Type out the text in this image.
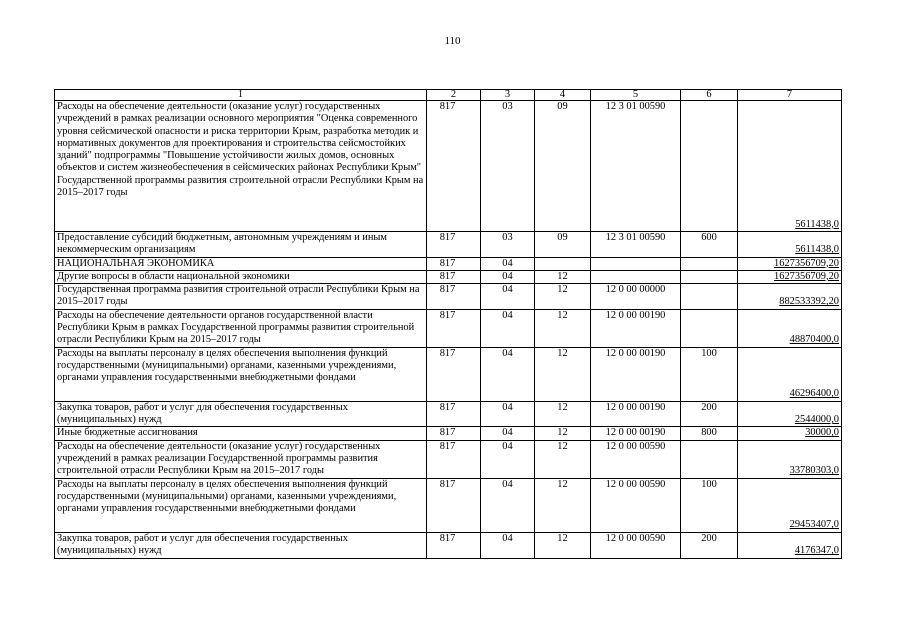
110
1	2	3	4	5	6	7
Расходы на обеспечение деятельности (оказание услуг) государственных учреждений в рамках реализации основного мероприятия "Оценка современного уровня сейсмической опасности и риска территории Крым, разработка методик и нормативных документов для проектирования и строительства сейсмостойких зданий" подпрограммы "Повышение устойчивости жилых домов, основных объектов и систем жизнеобеспечения в сейсмических районах Республики Крым" Государственной программы развития строительной отрасли Республики Крым на 2015–2017 годы	817	03	09	12 3 01 00590		5611438,0
Предоставление субсидий бюджетным, автономным учреждениям и иным некоммерческим организациям	817	03	09	12 3 01 00590	600	5611438,0
НАЦИОНАЛЬНАЯ ЭКОНОМИКА	817	04				1627356709,20
Другие вопросы в области национальной экономики	817	04	12			1627356709,20
Государственная программа развития строительной отрасли Республики Крым на 2015–2017 годы	817	04	12	12 0 00 00000		882533392,20
Расходы на обеспечение деятельности органов государственной власти Республики Крым в рамках Государственной программы развития строительной отрасли Республики Крым на 2015–2017 годы	817	04	12	12 0 00 00190		48870400,0
Расходы на выплаты персоналу в целях обеспечения выполнения функций государственными (муниципальными) органами, казенными учреждениями, органами управления государственными внебюджетными фондами	817	04	12	12 0 00 00190	100	46296400,0
Закупка товаров, работ и услуг для обеспечения государственных (муниципальных) нужд	817	04	12	12 0 00 00190	200	2544000,0
Иные бюджетные ассигнования	817	04	12	12 0 00 00190	800	30000,0
Расходы на обеспечение деятельности (оказание услуг) государственных учреждений в рамках реализации Государственной программы развития строительной отрасли Республики Крым на 2015–2017 годы	817	04	12	12 0 00 00590		33780303,0
Расходы на выплаты персоналу в целях обеспечения выполнения функций государственными (муниципальными) органами, казенными учреждениями, органами управления государственными внебюджетными фондами	817	04	12	12 0 00 00590	100	29453407,0
Закупка товаров, работ и услуг для обеспечения государственных (муниципальных) нужд	817	04	12	12 0 00 00590	200	4176347,0
